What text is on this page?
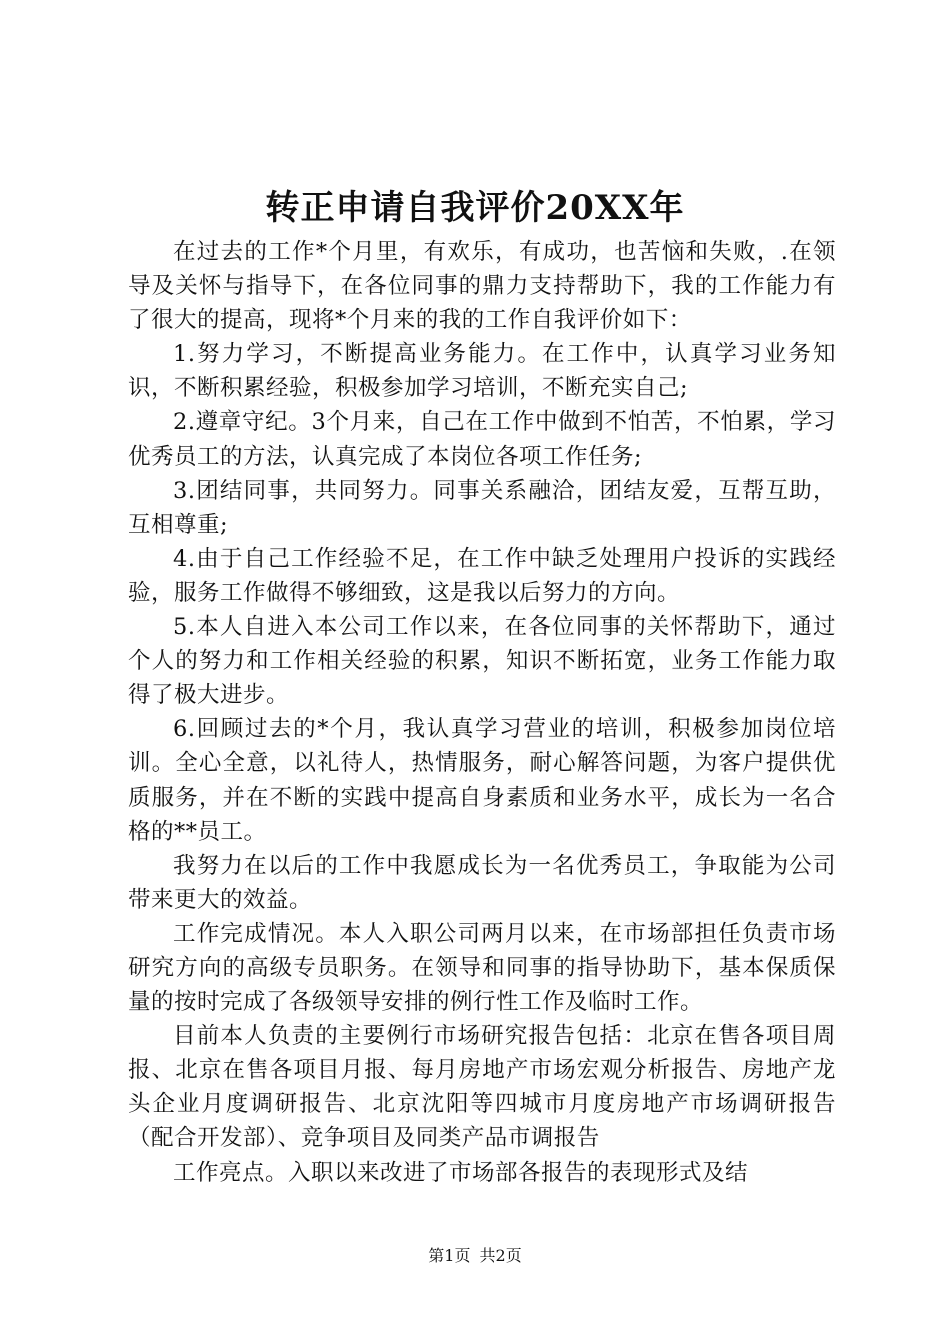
转正申请自我评价20XX年

在过去的工作*个月里，有欢乐，有成功，也苦恼和失败，.在领导及关怀与指导下，在各位同事的鼎力支持帮助下，我的工作能力有了很大的提高，现将*个月来的我的工作自我评价如下：

1.努力学习，不断提高业务能力。在工作中，认真学习业务知识，不断积累经验，积极参加学习培训，不断充实自己;

2.遵章守纪。3个月来，自己在工作中做到不怕苦，不怕累，学习优秀员工的方法，认真完成了本岗位各项工作任务;

3.团结同事，共同努力。同事关系融洽，团结友爱，互帮互助，互相尊重;

4.由于自己工作经验不足，在工作中缺乏处理用户投诉的实践经验，服务工作做得不够细致，这是我以后努力的方向。

5.本人自进入本公司工作以来，在各位同事的关怀帮助下，通过个人的努力和工作相关经验的积累，知识不断拓宽，业务工作能力取得了极大进步。

6.回顾过去的*个月，我认真学习营业的培训，积极参加岗位培训。全心全意，以礼待人，热情服务，耐心解答问题，为客户提供优质服务，并在不断的实践中提高自身素质和业务水平，成长为一名合格的**员工。

我努力在以后的工作中我愿成长为一名优秀员工，争取能为公司带来更大的效益。

工作完成情况。本人入职公司两月以来，在市场部担任负责市场研究方向的高级专员职务。在领导和同事的指导协助下，基本保质保量的按时完成了各级领导安排的例行性工作及临时工作。

目前本人负责的主要例行市场研究报告包括：北京在售各项目周报、北京在售各项目月报、每月房地产市场宏观分析报告、房地产龙头企业月度调研报告、北京沈阳等四城市月度房地产市场调研报告（配合开发部）、竞争项目及同类产品市调报告

工作亮点。入职以来改进了市场部各报告的表现形式及结

第1页 共2页
